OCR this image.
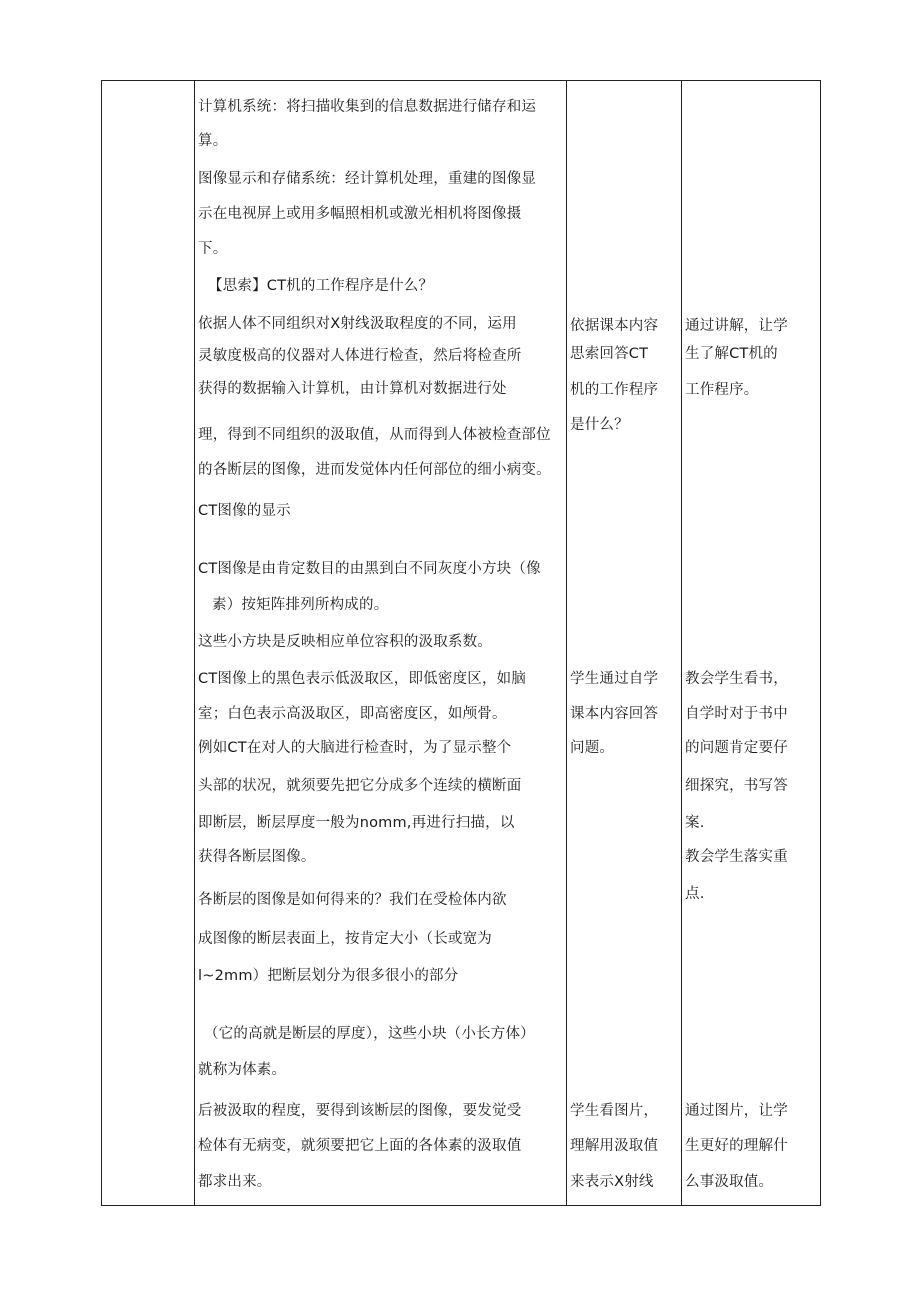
计算机系统：将扫描收集到的信息数据进行储存和运
算。
图像显示和存储系统：经计算机处理，重建的图像显
示在电视屏上或用多幅照相机或激光相机将图像摄
下。
【思索】CT机的工作程序是什么？
依据人体不同组织对X射线汲取程度的不同，运用
灵敏度极高的仪器对人体进行检查，然后将检查所
获得的数据输入计算机，由计算机对数据进行处
理，得到不同组织的汲取值，从而得到人体被检查部位
的各断层的图像，进而发觉体内任何部位的细小病变。
CT图像的显示
CT图像是由肯定数目的由黑到白不同灰度小方块（像
素）按矩阵排列所构成的。
这些小方块是反映相应单位容积的汲取系数。
CT图像上的黑色表示低汲取区，即低密度区，如脑
室；白色表示高汲取区，即高密度区，如颅骨。
例如CT在对人的大脑进行检查时，为了显示整个
头部的状况，就须要先把它分成多个连续的横断面
即断层，断层厚度一般为nomm,再进行扫描，以
获得各断层图像。
各断层的图像是如何得来的？我们在受检体内欲
成图像的断层表面上，按肯定大小（长或宽为
l~2mm）把断层划分为很多很小的部分
（它的高就是断层的厚度），这些小块（小长方体）
就称为体素。
后被汲取的程度，要得到该断层的图像，要发觉受
检体有无病变，就须要把它上面的各体素的汲取值
都求出来。
依据课本内容
思索回答CT
机的工作程序
是什么？
学生通过自学
课本内容回答
问题。
学生看图片，
理解用汲取值
来表示X射线
通过讲解，让学
生了解CT机的
工作程序。
教会学生看书，
自学时对于书中
的问题肯定要仔
细探究，书写答
案.
教会学生落实重
点.
通过图片，让学
生更好的理解什
么事汲取值。
